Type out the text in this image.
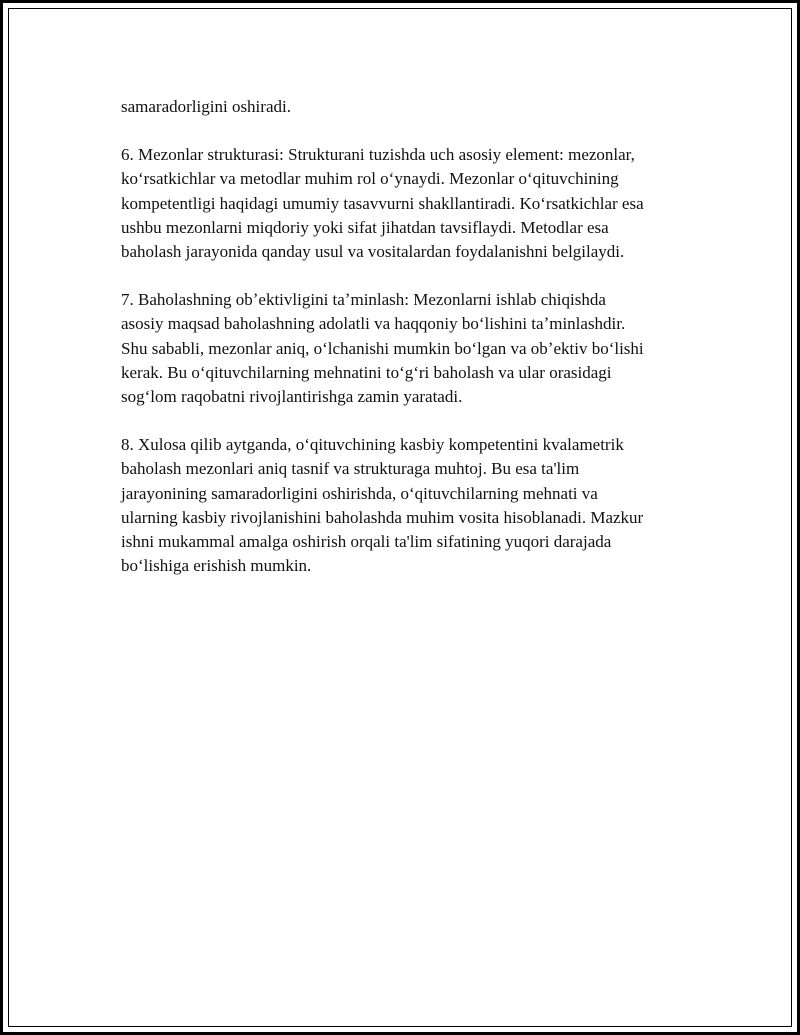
samaradorligini oshiradi.

6. Mezonlar strukturasi: Strukturani tuzishda uch asosiy element: mezonlar,
koʻrsatkichlar va metodlar muhim rol oʻynaydi. Mezonlar oʻqituvchining
kompetentligi haqidagi umumiy tasavvurni shakllantiradi. Koʻrsatkichlar esa
ushbu mezonlarni miqdoriy yoki sifat jihatdan tavsiflaydi. Metodlar esa
baholash jarayonida qanday usul va vositalardan foydalanishni belgilaydi.

7. Baholashning obʼektivligini taʼminlash: Mezonlarni ishlab chiqishda
asosiy maqsad baholashning adolatli va haqqoniy boʻlishini taʼminlashdir.
Shu sababli, mezonlar aniq, oʻlchanishi mumkin boʻlgan va obʼektiv boʻlishi
kerak. Bu oʻqituvchilarning mehnatini toʻgʻri baholash va ular orasidagi
sogʻlom raqobatni rivojlantirishga zamin yaratadi.

8. Xulosa qilib aytganda, oʻqituvchining kasbiy kompetentini kvalametrik
baholash mezonlari aniq tasnif va strukturaga muhtoj. Bu esa ta'lim
jarayonining samaradorligini oshirishda, oʻqituvchilarning mehnati va
ularning kasbiy rivojlanishini baholashda muhim vosita hisoblanadi. Mazkur
ishni mukammal amalga oshirish orqali ta'lim sifatining yuqori darajada
boʻlishiga erishish mumkin.
